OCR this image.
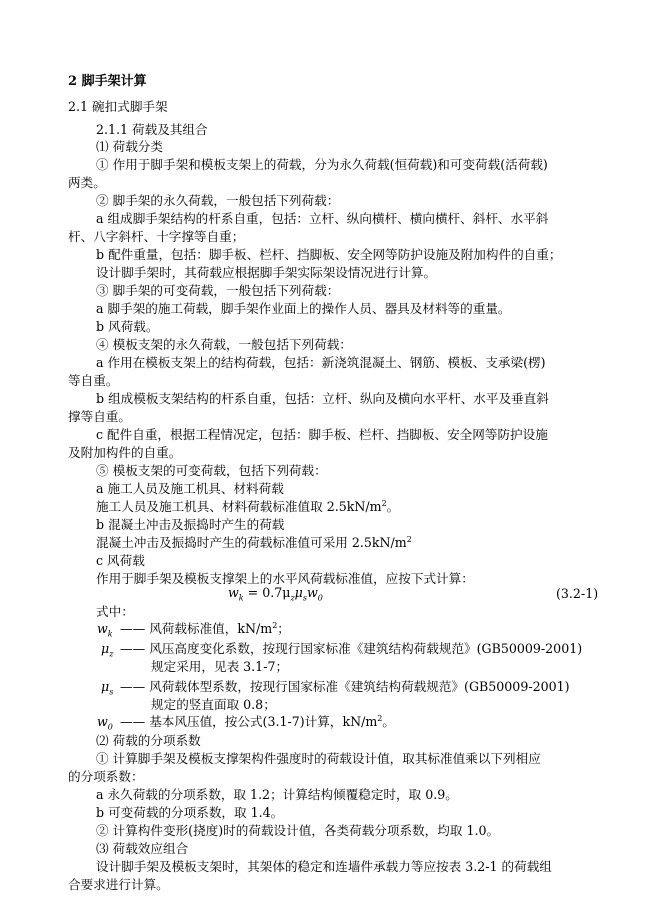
2 脚手架计算
2.1 碗扣式脚手架
2.1.1 荷载及其组合
⑴ 荷载分类
① 作用于脚手架和模板支架上的荷载，分为永久荷载(恒荷载)和可变荷载(活荷载)
两类。
② 脚手架的永久荷载，一般包括下列荷载：
a 组成脚手架结构的杆系自重，包括：立杆、纵向横杆、横向横杆、斜杆、水平斜
杆、八字斜杆、十字撑等自重；
b 配件重量，包括：脚手板、栏杆、挡脚板、安全网等防护设施及附加构件的自重；
设计脚手架时，其荷载应根据脚手架实际架设情况进行计算。
③ 脚手架的可变荷载，一般包括下列荷载：
a 脚手架的施工荷载，脚手架作业面上的操作人员、器具及材料等的重量。
b 风荷载。
④ 模板支架的永久荷载，一般包括下列荷载：
a 作用在模板支架上的结构荷载，包括：新浇筑混凝土、钢筋、模板、支承梁(楞)
等自重。
b 组成模板支架结构的杆系自重，包括：立杆、纵向及横向水平杆、水平及垂直斜
撑等自重。
c 配件自重，根据工程情况定，包括：脚手板、栏杆、挡脚板、安全网等防护设施
及附加构件的自重。
⑤ 模板支架的可变荷载，包括下列荷载：
a 施工人员及施工机具、材料荷载
施工人员及施工机具、材料荷载标准值取 $2.5kN/m^2$。
b 混凝土冲击及振捣时产生的荷载
混凝土冲击及振捣时产生的荷载标准值可采用 $2.5kN/m^2$
c 风荷载
作用于脚手架及模板支撑架上的水平风荷载标准值，应按下式计算：
$w_k = 0.7\mu_z\mu_sw_0$	(3.2-1)
式中：
$w_k$ —— 风荷载标准值，$kN/m^2$；
$\mu_z$ —— 风压高度变化系数，按现行国家标准《建筑结构荷载规范》(GB50009-2001)
规定采用，见表 3.1-7；
$\mu_s$ —— 风荷载体型系数，按现行国家标准《建筑结构荷载规范》(GB50009-2001)
规定的竖直面取 0.8；
$w_0$ —— 基本风压值，按公式(3.1-7)计算，$kN/m^2$。
⑵ 荷载的分项系数
① 计算脚手架及模板支撑架构件强度时的荷载设计值，取其标准值乘以下列相应
的分项系数：
a 永久荷载的分项系数，取 1.2；计算结构倾覆稳定时，取 0.9。
b 可变荷载的分项系数，取 1.4。
② 计算构件变形(挠度)时的荷载设计值，各类荷载分项系数，均取 1.0。
⑶ 荷载效应组合
设计脚手架及模板支架时，其架体的稳定和连墙件承载力等应按表 3.2-1 的荷载组
合要求进行计算。
